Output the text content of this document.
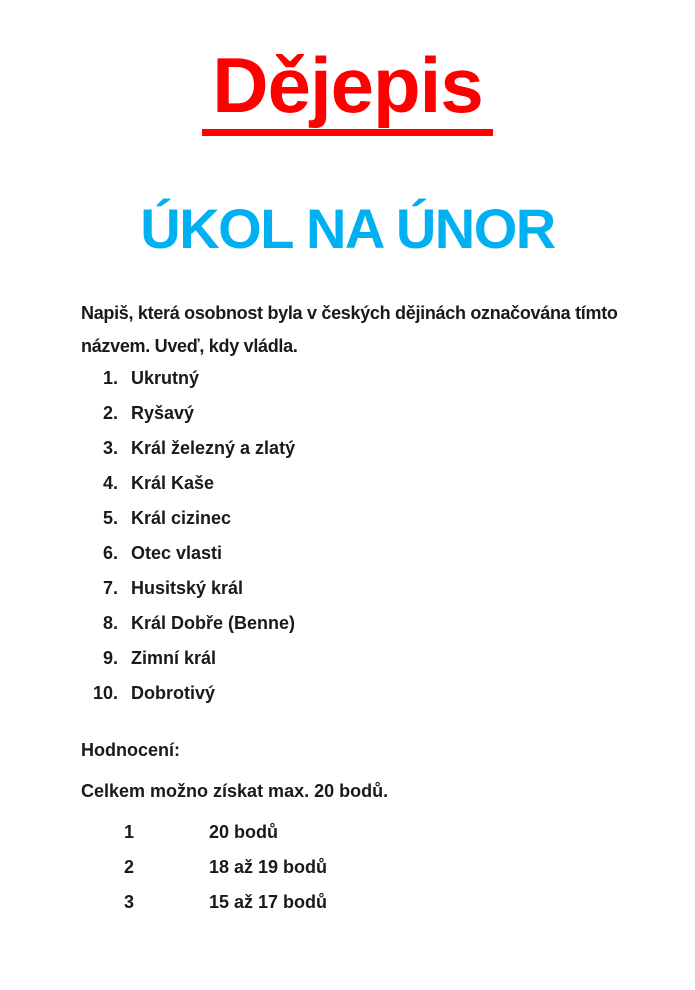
Dějepis
ÚKOL NA ÚNOR
Napiš, která osobnost byla v českých dějinách označována tímto
názvem. Uveď, kdy vládla.
1. Ukrutný
2. Ryšavý
3. Král železný a zlatý
4. Král Kaše
5. Král cizinec
6. Otec vlasti
7. Husitský král
8. Král Dobře (Benne)
9. Zimní král
10. Dobrotivý
Hodnocení:
Celkem možno získat max. 20 bodů.
1	20 bodů
2	18 až 19 bodů
3	15 až 17 bodů
